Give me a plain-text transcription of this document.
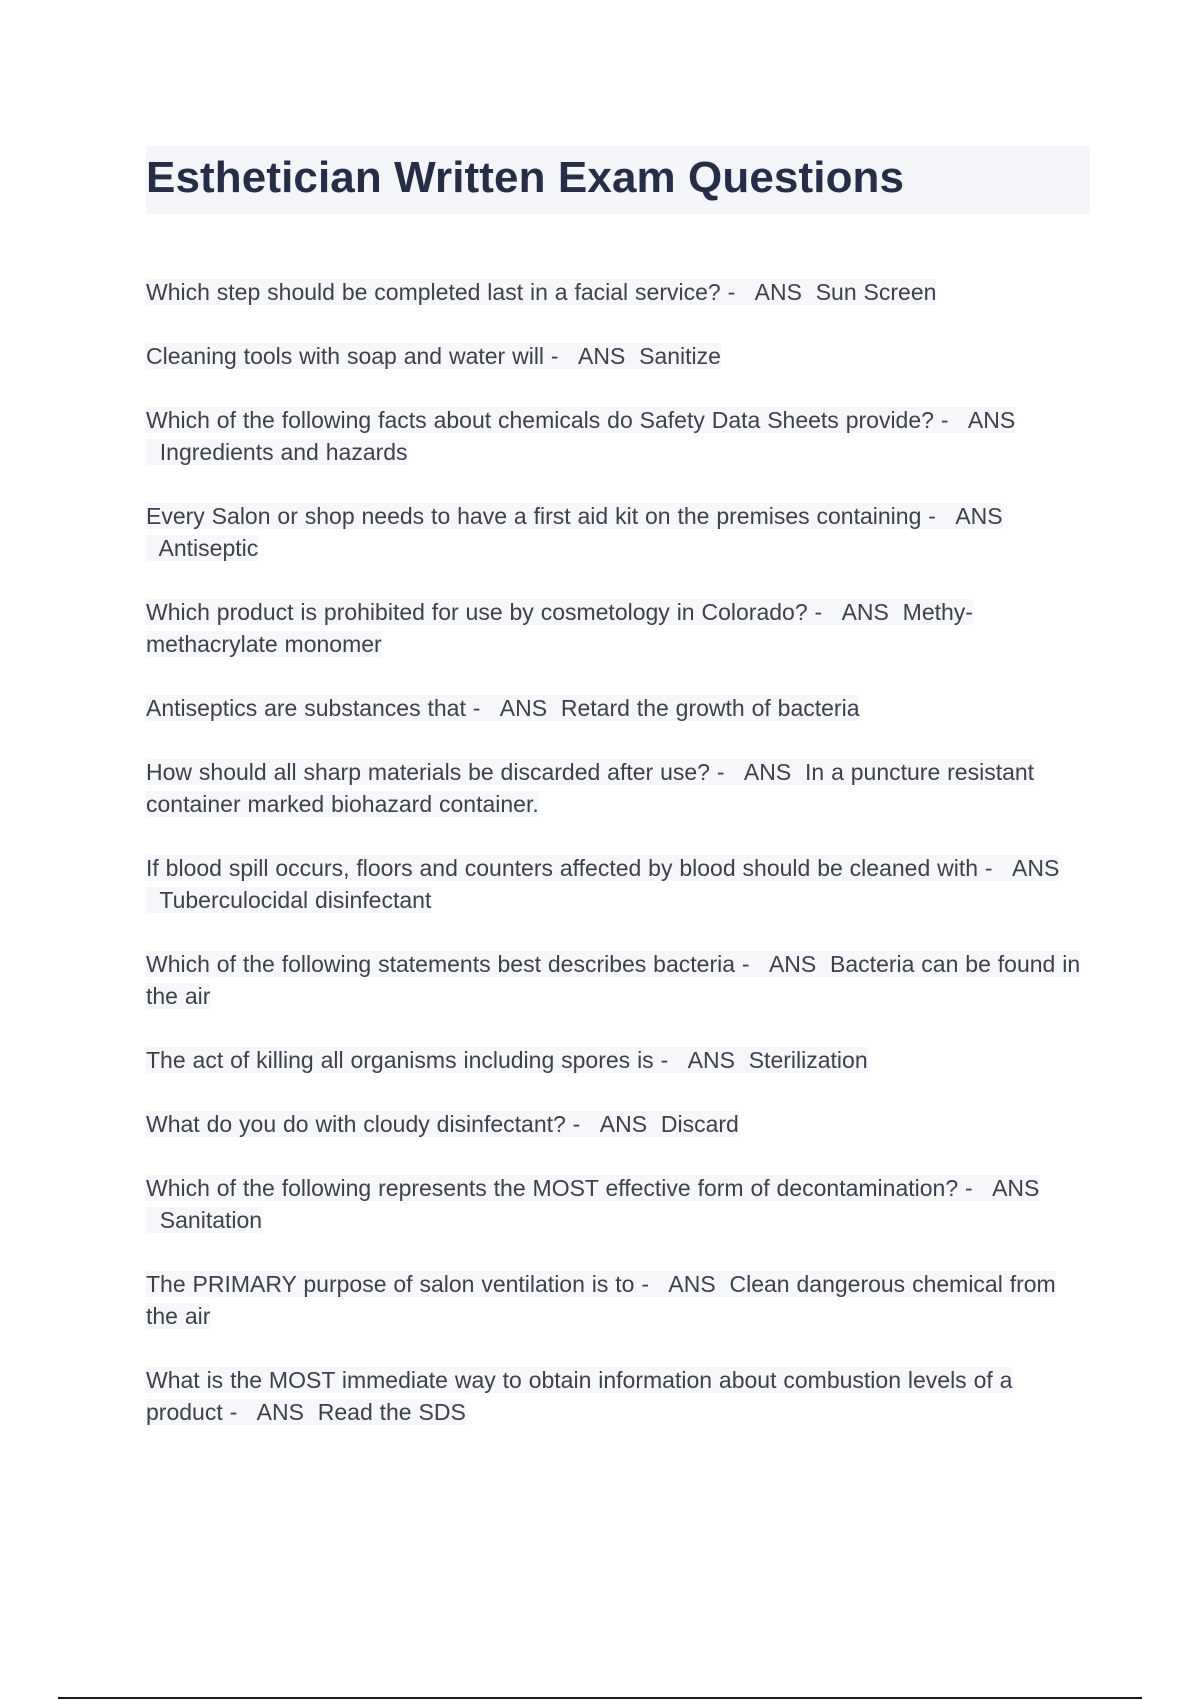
Esthetician Written Exam Questions

Which step should be completed last in a facial service? - ANS Sun Screen

Cleaning tools with soap and water will - ANS Sanitize

Which of the following facts about chemicals do Safety Data Sheets provide? - ANS  Ingredients and hazards

Every Salon or shop needs to have a first aid kit on the premises containing - ANS  Antiseptic

Which product is prohibited for use by cosmetology in Colorado? - ANS Methy-methacrylate monomer

Antiseptics are substances that - ANS Retard the growth of bacteria

How should all sharp materials be discarded after use? - ANS In a puncture resistant container marked biohazard container.

If blood spill occurs, floors and counters affected by blood should be cleaned with - ANS  Tuberculocidal disinfectant

Which of the following statements best describes bacteria - ANS Bacteria can be found in the air

The act of killing all organisms including spores is - ANS Sterilization

What do you do with cloudy disinfectant? - ANS Discard

Which of the following represents the MOST effective form of decontamination? - ANS  Sanitation

The PRIMARY purpose of salon ventilation is to - ANS Clean dangerous chemical from the air

What is the MOST immediate way to obtain information about combustion levels of a product - ANS Read the SDS
